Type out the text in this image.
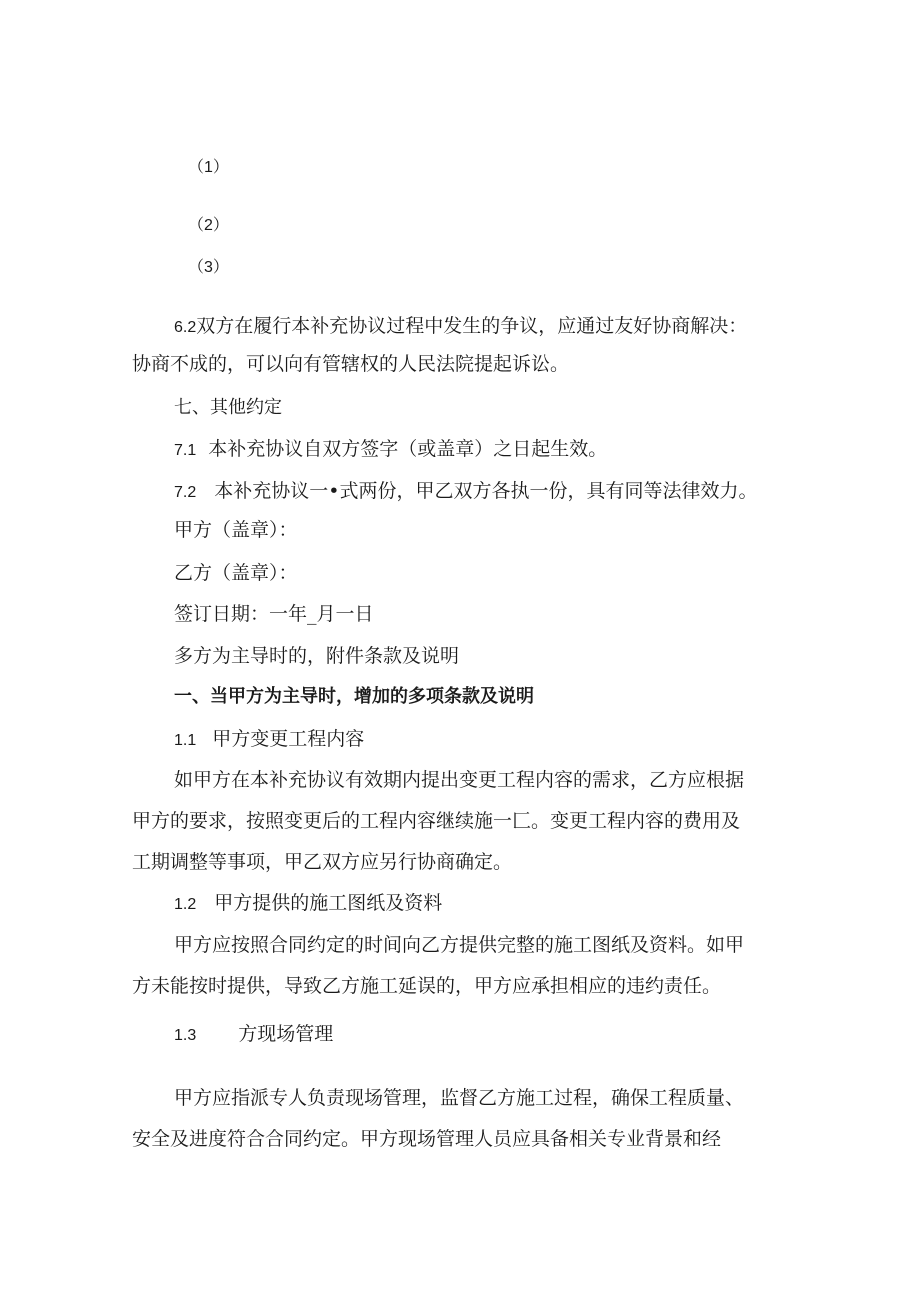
（1）
（2）
（3）
6.2双方在履行本补充协议过程中发生的争议，应通过友好协商解决：
协商不成的，可以向有管辖权的人民法院提起诉讼。
七、其他约定
7.1 本补充协议自双方签字（或盖章）之日起生效。
7.2 本补充协议一•式两份，甲乙双方各执一份，具有同等法律效力。
甲方（盖章）：
乙方（盖章）：
签订日期：一年_月一日
多方为主导时的，附件条款及说明
一、当甲方为主导时，增加的多项条款及说明
1.1 甲方变更工程内容
如甲方在本补充协议有效期内提出变更工程内容的需求，乙方应根据
甲方的要求，按照变更后的工程内容继续施一匚。变更工程内容的费用及
工期调整等事项，甲乙双方应另行协商确定。
1.2 甲方提供的施工图纸及资料
甲方应按照合同约定的时间向乙方提供完整的施工图纸及资料。如甲
方未能按时提供，导致乙方施工延误的，甲方应承担相应的违约责任。
1.3 方现场管理
甲方应指派专人负责现场管理，监督乙方施工过程，确保工程质量、
安全及进度符合合同约定。甲方现场管理人员应具备相关专业背景和经
